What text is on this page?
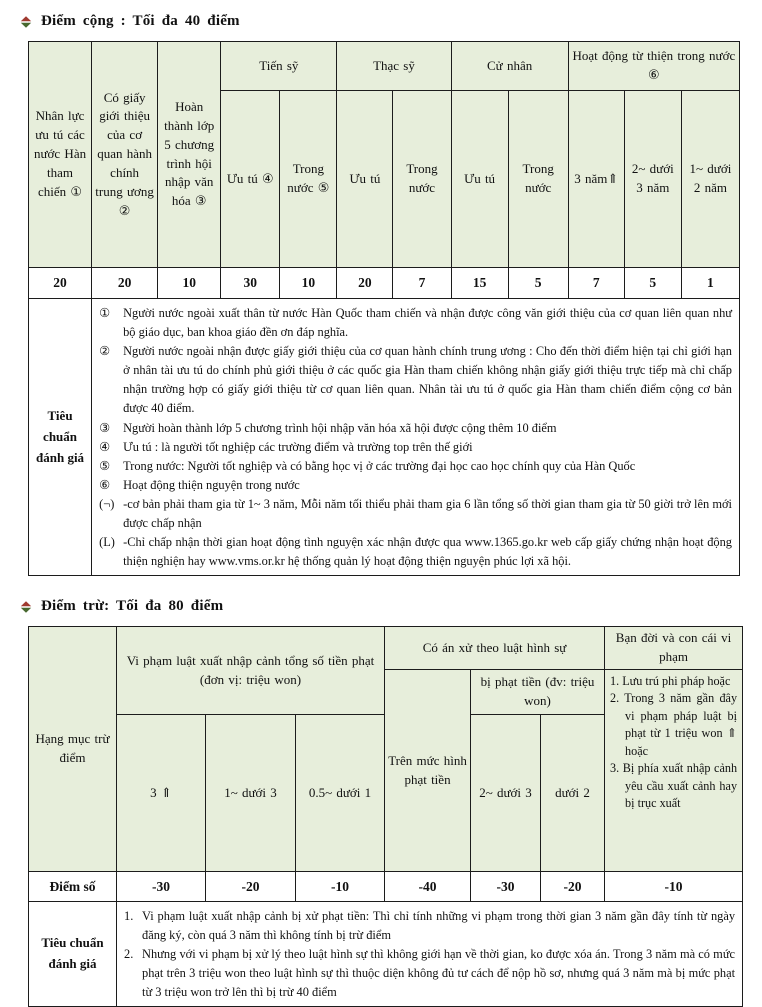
Điểm cộng : Tối đa 40 điểm
Nhân lực ưu tú các nước Hàn tham chiến ①	Có giấy giới thiệu của cơ quan hành chính trung ương ②	Hoàn thành lớp 5 chương trình hội nhập văn hóa ③	Tiến sỹ		Thạc sỹ		Cử nhân		Hoạt động từ thiện trong nước ⑥		
			Ưu tú ④	Trong nước ⑤	Ưu tú	Trong nước	Ưu tú	Trong nước	3 năm⇑	2~ dưới 3 năm	1~ dưới 2 năm
20	20	10	30	10	20	7	15	5	7	5	1
Tiêu chuẩn đánh giá	
①	Người nước ngoài xuất thân từ nước Hàn Quốc tham chiến và nhận được công văn giới thiệu của cơ quan liên quan như bộ giáo dục, ban khoa giáo đền ơn đáp nghĩa.
②	Người nước ngoài nhận được giấy giới thiệu của cơ quan hành chính trung ương : Cho đến thời điểm hiện tại chỉ giới hạn ở nhân tài ưu tú do chính phủ giới thiệu ở các quốc gia Hàn tham chiến không nhận giấy giới thiệu trực tiếp mà chỉ chấp nhận trường hợp có giấy giới thiệu từ cơ quan liên quan. Nhân tài ưu tú ở quốc gia Hàn tham chiến điểm cộng cơ bản được 40 điểm.
③	Người hoàn thành lớp 5 chương trình hội nhập văn hóa xã hội được cộng thêm 10 điểm
④	Ưu tú : là người tốt nghiệp các trường điểm và trường top trên thế giới
⑤	Trong nước: Người tốt nghiệp và có bằng học vị ở các trường đại học cao học chính quy của Hàn Quốc
⑥	Hoạt động thiện nguyện trong nước
(¬) -cơ bản phải tham gia từ 1~ 3 năm, Mỗi năm tối thiểu phải tham gia 6 lần tổng số thời gian tham gia từ 50 giời trở lên mới được chấp nhận
(L) -Chỉ chấp nhận thời gian hoạt động tình nguyện xác nhận được qua www.1365.go.kr web cấp giấy chứng nhận hoạt động thiện nghiện hay www.vms.or.kr hệ thống quản lý hoạt động thiện nguyện phúc lợi xã hội.
Điểm trừ: Tối đa 80 điểm
Hạng mục trừ điểm	Vi phạm luật xuất nhập cảnh tổng số tiền phạt (đơn vị: triệu won)			Có án xử theo luật hình sự			Bạn đời và con cái vi phạm
				Trên mức hình phạt tiền	bị phạt tiền (đv: triệu won)		1. Lưu trú phi pháp hoặc
2. Trong 3 năm gần đây vi phạm pháp luật bị phạt từ 1 triệu won ⇑ hoặc
3. Bị phía xuất nhập cảnh yêu cầu xuất cảnh hay bị trục xuất

	3 ⇑	1~ dưới 3	0.5~ dưới 1		2~ dưới 3	dưới 2	
Điểm số	-30	-20	-10	-40	-30	-20	-10
Tiêu chuẩn đánh giá	1. Vi phạm luật xuất nhập cảnh bị xử phạt tiền: Thì chỉ tính những vi phạm trong thời gian 3 năm gần đây tính từ ngày đăng ký, còn quá 3 năm thì không tính bị trừ điểm
2. Nhưng với vi phạm bị xử lý theo luật hình sự thì không giới hạn về thời gian, ko được xóa án. Trong 3 năm mà có mức phạt trên 3 triệu won theo luật hình sự thì thuộc diện không đủ tư cách để nộp hồ sơ, nhưng quá 3 năm mà bị mức phạt từ 3 triệu won trở lên thì bị trừ 40 điểm						
